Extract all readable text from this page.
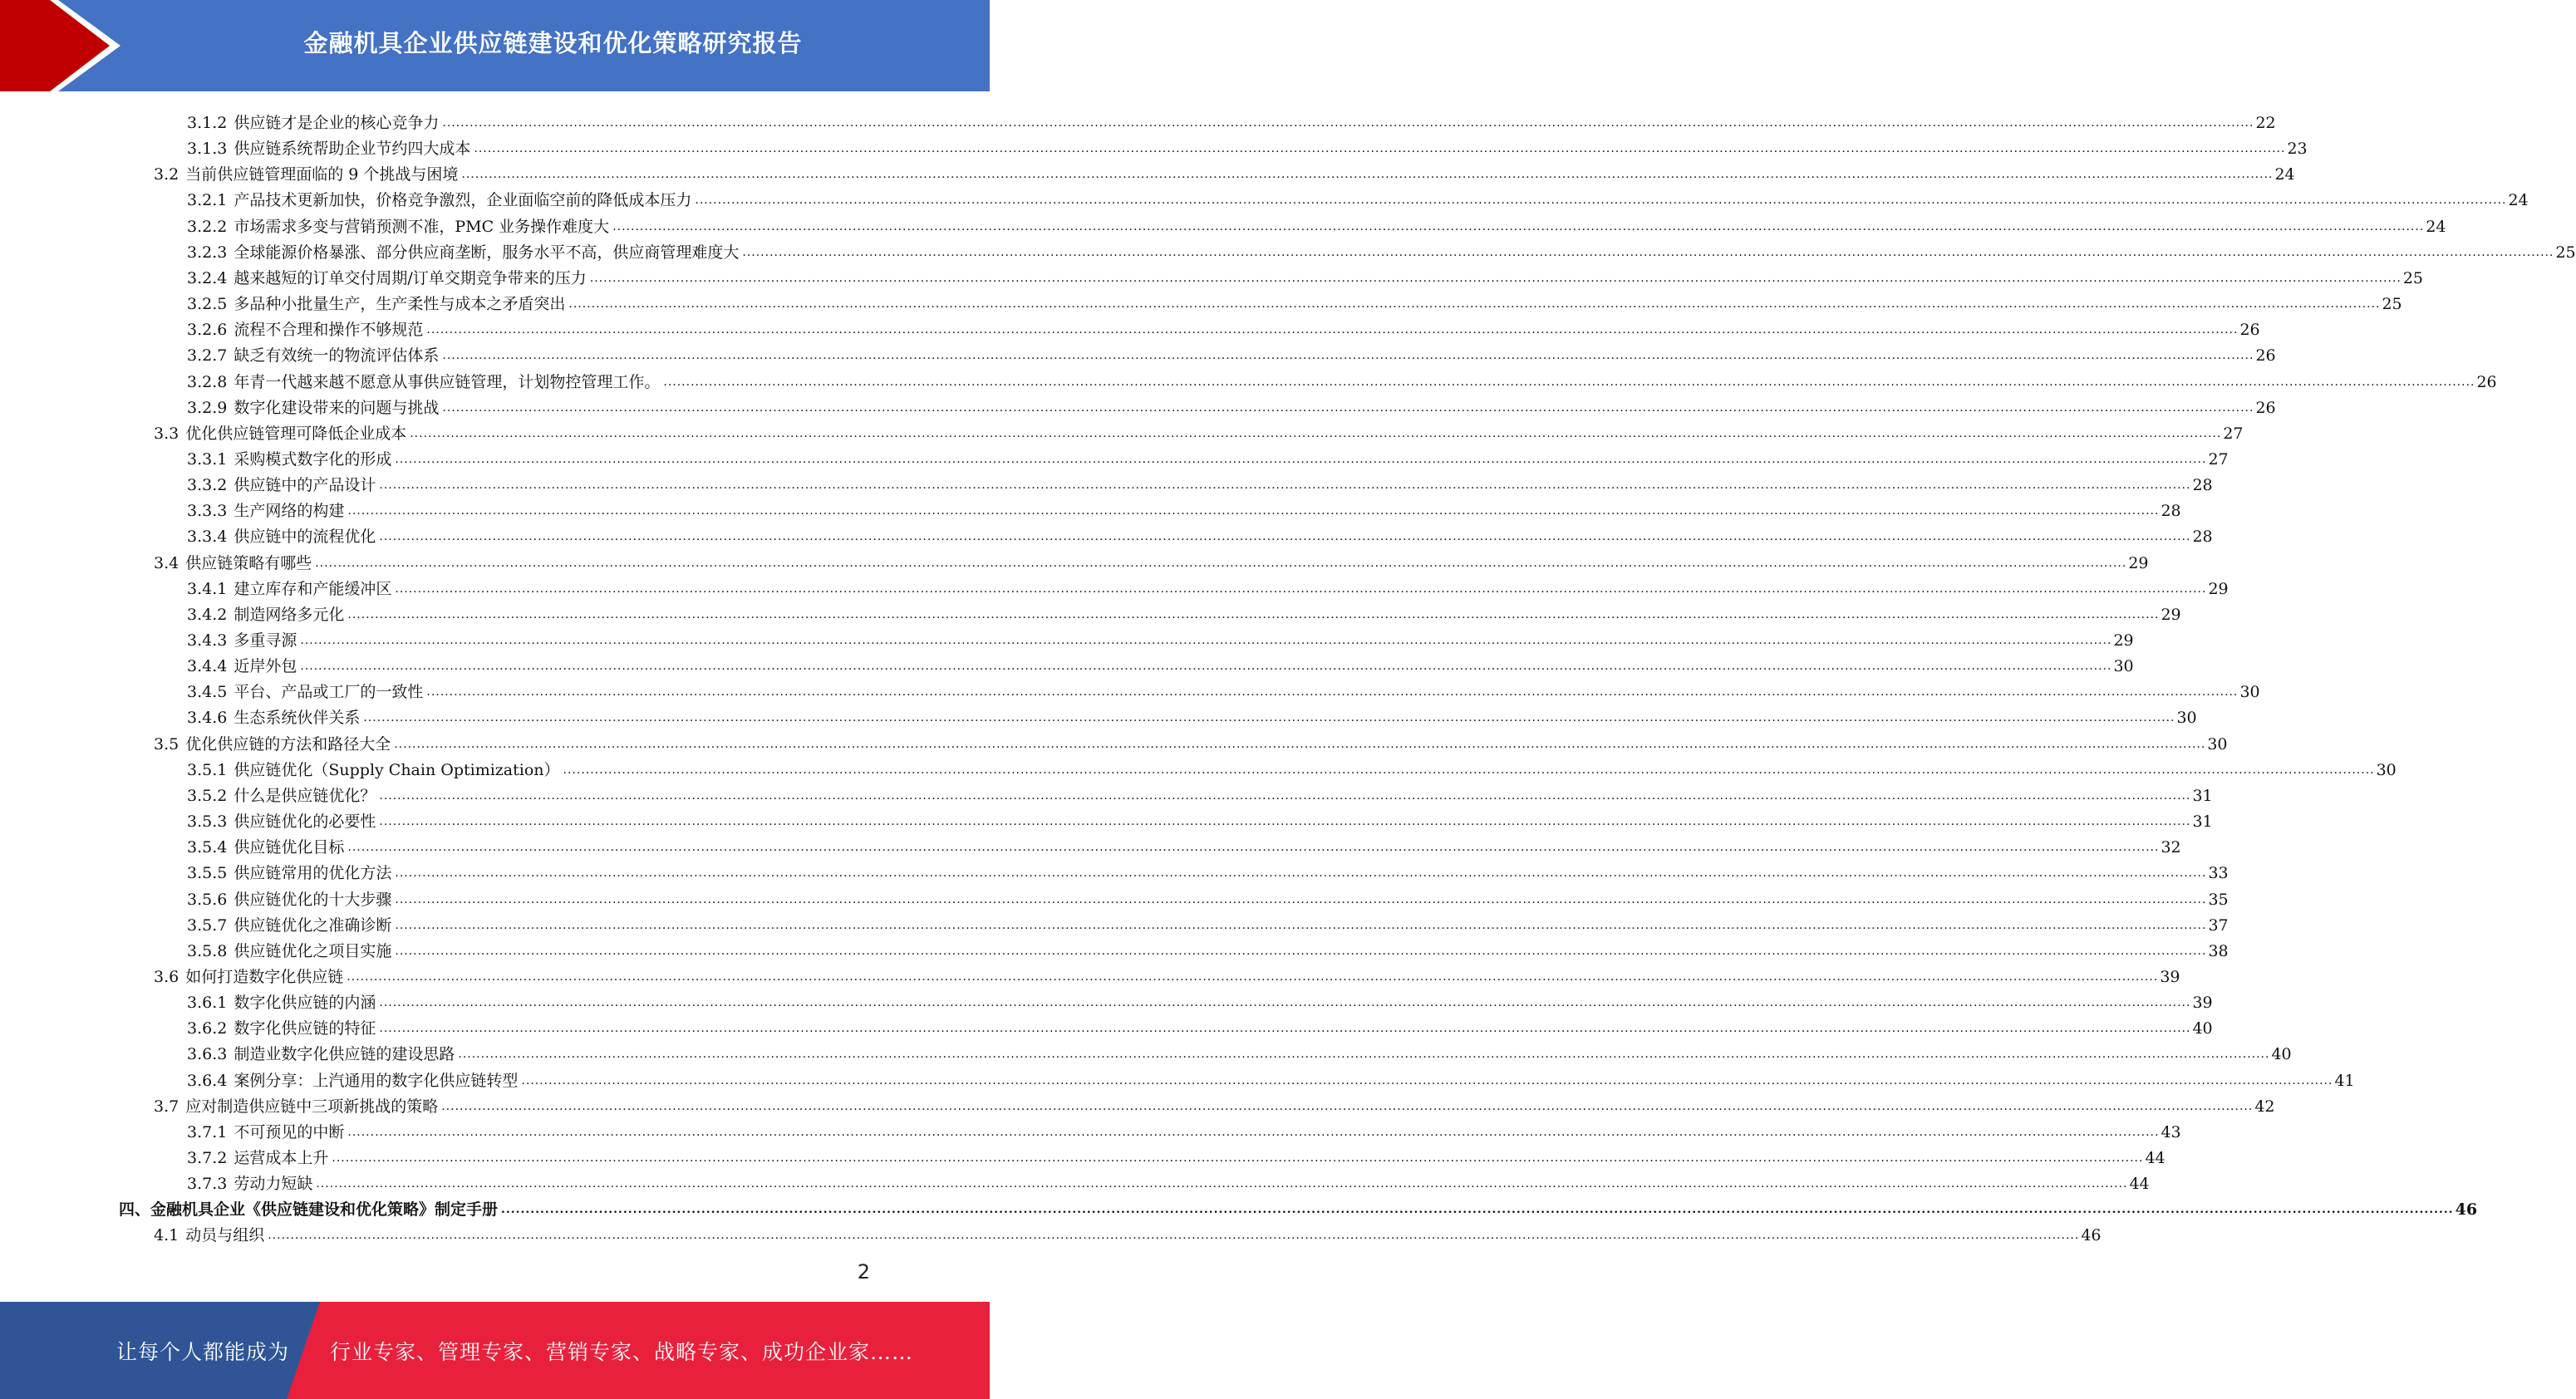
金融机具企业供应链建设和优化策略研究报告
3.1.2 供应链才是企业的核心竞争力 ................................................................................................................................................................................................................................................................................................................................................................................................................ 22
3.1.3 供应链系统帮助企业节约四大成本 ................................................................................................................................................................................................................................................................................................................................................................................................................ 23
3.2 当前供应链管理面临的 9 个挑战与困境 ................................................................................................................................................................................................................................................................................................................................................................................................................ 24
3.2.1 产品技术更新加快，价格竞争激烈，企业面临空前的降低成本压力 ................................................................................................................................................................................................................................................................................................................................................................................................................ 24
3.2.2 市场需求多变与营销预测不准，PMC 业务操作难度大 ................................................................................................................................................................................................................................................................................................................................................................................................................ 24
3.2.3 全球能源价格暴涨、部分供应商垄断，服务水平不高，供应商管理难度大 ................................................................................................................................................................................................................................................................................................................................................................................................................ 25
3.2.4 越来越短的订单交付周期/订单交期竞争带来的压力 ................................................................................................................................................................................................................................................................................................................................................................................................................ 25
3.2.5 多品种小批量生产，生产柔性与成本之矛盾突出 ................................................................................................................................................................................................................................................................................................................................................................................................................ 25
3.2.6 流程不合理和操作不够规范 ................................................................................................................................................................................................................................................................................................................................................................................................................ 26
3.2.7 缺乏有效统一的物流评估体系 ................................................................................................................................................................................................................................................................................................................................................................................................................ 26
3.2.8 年青一代越来越不愿意从事供应链管理，计划物控管理工作。 ................................................................................................................................................................................................................................................................................................................................................................................................................ 26
3.2.9 数字化建设带来的问题与挑战 ................................................................................................................................................................................................................................................................................................................................................................................................................ 26
3.3 优化供应链管理可降低企业成本 ................................................................................................................................................................................................................................................................................................................................................................................................................ 27
3.3.1 采购模式数字化的形成 ................................................................................................................................................................................................................................................................................................................................................................................................................ 27
3.3.2 供应链中的产品设计 ................................................................................................................................................................................................................................................................................................................................................................................................................ 28
3.3.3 生产网络的构建 ................................................................................................................................................................................................................................................................................................................................................................................................................ 28
3.3.4 供应链中的流程优化 ................................................................................................................................................................................................................................................................................................................................................................................................................ 28
3.4 供应链策略有哪些 ................................................................................................................................................................................................................................................................................................................................................................................................................ 29
3.4.1 建立库存和产能缓冲区 ................................................................................................................................................................................................................................................................................................................................................................................................................ 29
3.4.2 制造网络多元化 ................................................................................................................................................................................................................................................................................................................................................................................................................ 29
3.4.3 多重寻源 ................................................................................................................................................................................................................................................................................................................................................................................................................ 29
3.4.4 近岸外包 ................................................................................................................................................................................................................................................................................................................................................................................................................ 30
3.4.5 平台、产品或工厂的一致性 ................................................................................................................................................................................................................................................................................................................................................................................................................ 30
3.4.6 生态系统伙伴关系 ................................................................................................................................................................................................................................................................................................................................................................................................................ 30
3.5 优化供应链的方法和路径大全 ................................................................................................................................................................................................................................................................................................................................................................................................................ 30
3.5.1 供应链优化（Supply Chain Optimization） ................................................................................................................................................................................................................................................................................................................................................................................................................ 30
3.5.2 什么是供应链优化？ ................................................................................................................................................................................................................................................................................................................................................................................................................ 31
3.5.3 供应链优化的必要性 ................................................................................................................................................................................................................................................................................................................................................................................................................ 31
3.5.4 供应链优化目标 ................................................................................................................................................................................................................................................................................................................................................................................................................ 32
3.5.5 供应链常用的优化方法 ................................................................................................................................................................................................................................................................................................................................................................................................................ 33
3.5.6 供应链优化的十大步骤 ................................................................................................................................................................................................................................................................................................................................................................................................................ 35
3.5.7 供应链优化之准确诊断 ................................................................................................................................................................................................................................................................................................................................................................................................................ 37
3.5.8 供应链优化之项目实施 ................................................................................................................................................................................................................................................................................................................................................................................................................ 38
3.6 如何打造数字化供应链 ................................................................................................................................................................................................................................................................................................................................................................................................................ 39
3.6.1 数字化供应链的内涵 ................................................................................................................................................................................................................................................................................................................................................................................................................ 39
3.6.2 数字化供应链的特征 ................................................................................................................................................................................................................................................................................................................................................................................................................ 40
3.6.3 制造业数字化供应链的建设思路 ................................................................................................................................................................................................................................................................................................................................................................................................................ 40
3.6.4 案例分享：上汽通用的数字化供应链转型 ................................................................................................................................................................................................................................................................................................................................................................................................................ 41
3.7 应对制造供应链中三项新挑战的策略 ................................................................................................................................................................................................................................................................................................................................................................................................................ 42
3.7.1 不可预见的中断 ................................................................................................................................................................................................................................................................................................................................................................................................................ 43
3.7.2 运营成本上升 ................................................................................................................................................................................................................................................................................................................................................................................................................ 44
3.7.3 劳动力短缺 ................................................................................................................................................................................................................................................................................................................................................................................................................ 44
四、 金融机具企业《供应链建设和优化策略》制定手册 ................................................................................................................................................................................................................................................................................................................................................................................................................ 46
4.1 动员与组织 ................................................................................................................................................................................................................................................................................................................................................................................................................ 46
2
让每个人都能成为 行业专家、管理专家、营销专家、战略专家、成功企业家……
